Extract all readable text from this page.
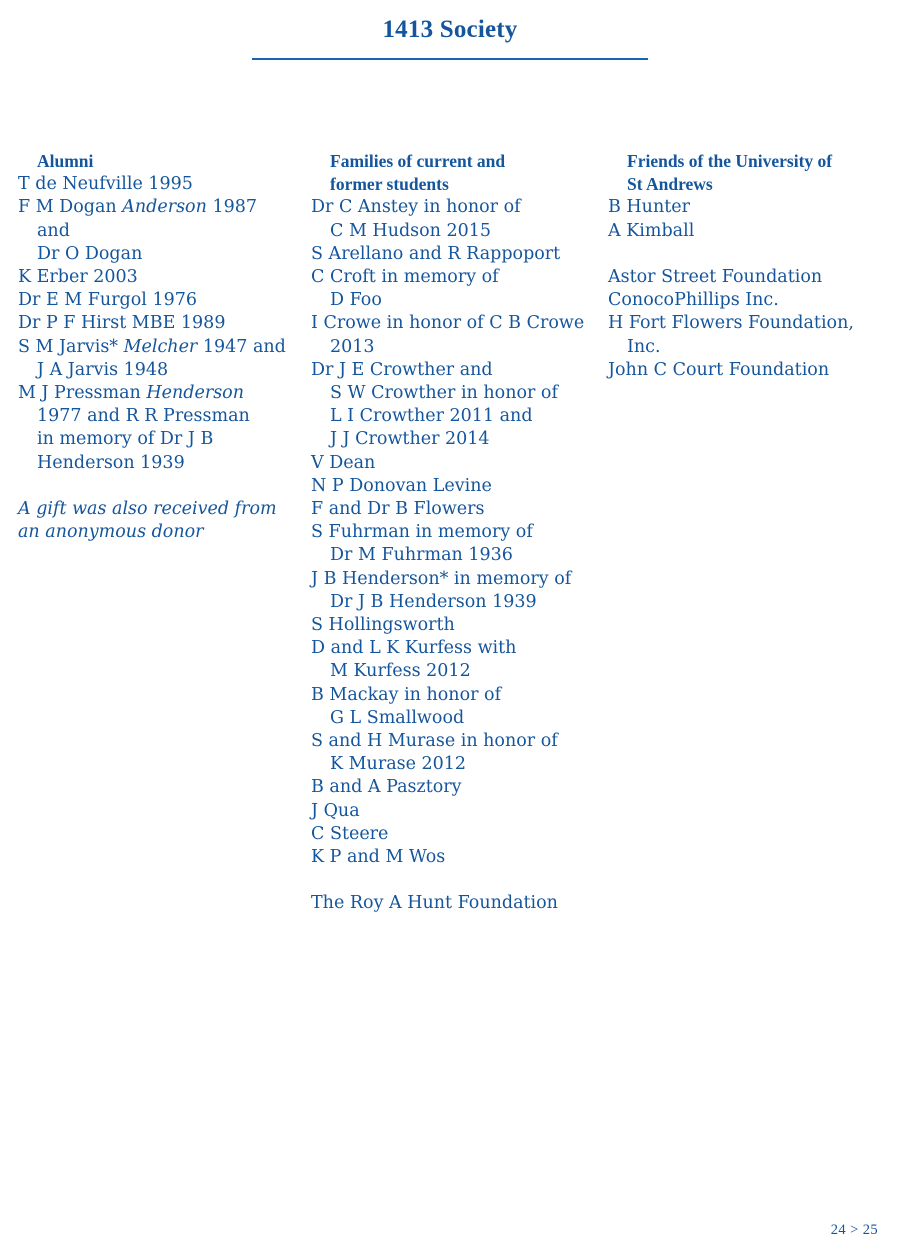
1413 Society
Alumni
T de Neufville 1995
F M Dogan Anderson 1987 and
Dr O Dogan
K Erber 2003
Dr E M Furgol 1976
Dr P F Hirst MBE 1989
S M Jarvis* Melcher 1947 and
J A Jarvis 1948
M J Pressman Henderson
1977 and R R Pressman
in memory of Dr J B
Henderson 1939
A gift was also received from an anonymous donor
Families of current and
former students
Dr C Anstey in honor of
C M Hudson 2015
S Arellano and R Rappoport
C Croft in memory of
D Foo
I Crowe in honor of C B Crowe
2013
Dr J E Crowther and
S W Crowther in honor of
L I Crowther 2011 and
J J Crowther 2014
V Dean
N P Donovan Levine
F and Dr B Flowers
S Fuhrman in memory of
Dr M Fuhrman 1936
J B Henderson* in memory of
Dr J B Henderson 1939
S Hollingsworth
D and L K Kurfess with
M Kurfess 2012
B Mackay in honor of
G L Smallwood
S and H Murase in honor of
K Murase 2012
B and A Pasztory
J Qua
C Steere
K P and M Wos
The Roy A Hunt Foundation
Friends of the University of
St Andrews
B Hunter
A Kimball
Astor Street Foundation
ConocoPhillips Inc.
H Fort Flowers Foundation,
Inc.
John C Court Foundation
24 > 25
